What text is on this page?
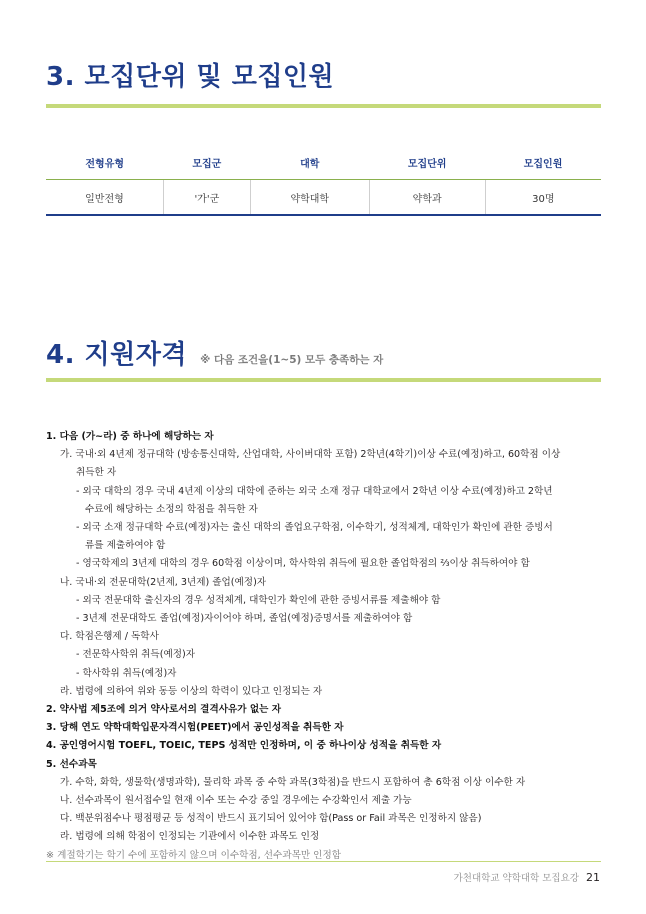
3. 모집단위 및 모집인원
전형유형	모집군	대학	모집단위	모집인원
일반전형	'가'군	약학대학	약학과	30명
4. 지원자격 ※ 다음 조건을(1~5) 모두 충족하는 자
1. 다음 (가~라) 중 하나에 해당하는 자
가. 국내·외 4년제 정규대학 (방송통신대학, 산업대학, 사이버대학 포함) 2학년(4학기)이상 수료(예정)하고, 60학점 이상
취득한 자
- 외국 대학의 경우 국내 4년제 이상의 대학에 준하는 외국 소재 정규 대학교에서 2학년 이상 수료(예정)하고 2학년
수료에 해당하는 소정의 학점을 취득한 자
- 외국 소재 정규대학 수료(예정)자는 출신 대학의 졸업요구학점, 이수학기, 성적체계, 대학인가 확인에 관한 증빙서
류를 제출하여야 함
- 영국학제의 3년제 대학의 경우 60학점 이상이며, 학사학위 취득에 필요한 졸업학점의 ⅔이상 취득하여야 함
나. 국내·외 전문대학(2년제, 3년제) 졸업(예정)자
- 외국 전문대학 출신자의 경우 성적체계, 대학인가 확인에 관한 증빙서류를 제출해야 함
- 3년제 전문대학도 졸업(예정)자이어야 하며, 졸업(예정)증명서를 제출하여야 함
다. 학점은행제 / 독학사
- 전문학사학위 취득(예정)자
- 학사학위 취득(예정)자
라. 법령에 의하여 위와 동등 이상의 학력이 있다고 인정되는 자
2. 약사법 제5조에 의거 약사로서의 결격사유가 없는 자
3. 당해 연도 약학대학입문자격시험(PEET)에서 공인성적을 취득한 자
4. 공인영어시험 TOEFL, TOEIC, TEPS 성적만 인정하며, 이 중 하나이상 성적을 취득한 자
5. 선수과목
가. 수학, 화학, 생물학(생명과학), 물리학 과목 중 수학 과목(3학점)을 반드시 포함하여 총 6학점 이상 이수한 자
나. 선수과목이 원서접수일 현재 이수 또는 수강 중일 경우에는 수강확인서 제출 가능
다. 백분위점수나 평점평균 등 성적이 반드시 표기되어 있어야 함(Pass or Fail 과목은 인정하지 않음)
라. 법령에 의해 학점이 인정되는 기관에서 이수한 과목도 인정
※ 계절학기는 학기 수에 포함하지 않으며 이수학점, 선수과목만 인정함
가천대학교 약학대학 모집요강 21
